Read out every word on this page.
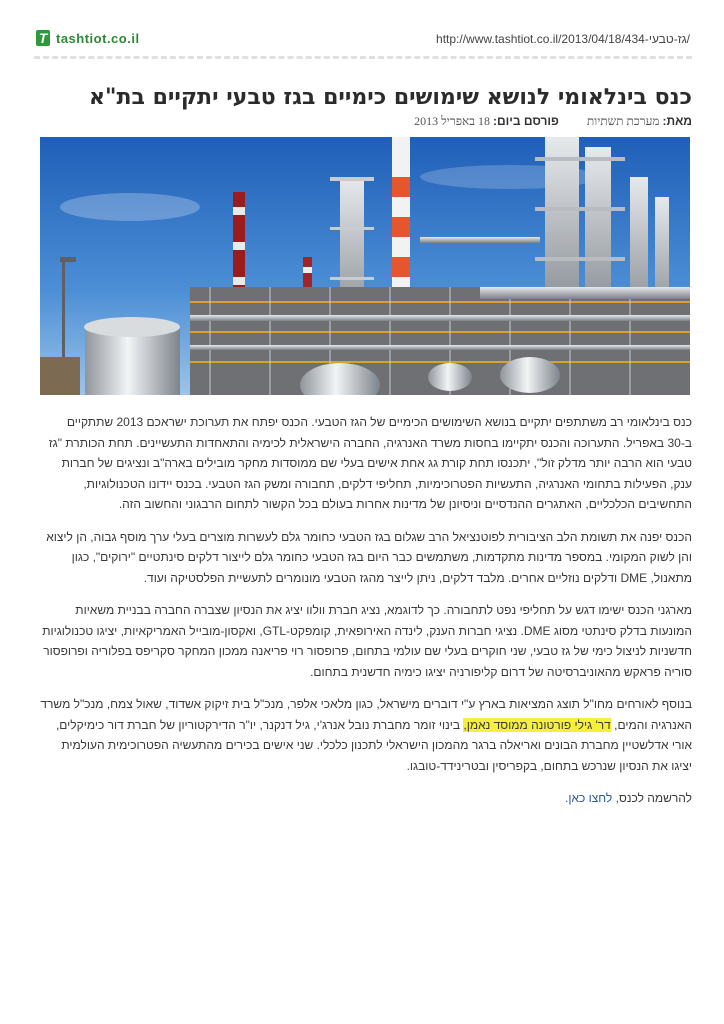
T tashtiot.co.il	http://www.tashtiot.co.il/2013/04/18/גז-טבעי-434/
כנס בינלאומי לנושא שימושים כימיים בגז טבעי יתקיים בת"א
מאת: מערכת תשתיות  פורסם ביום: 18 באפריל 2013

כנס בינלאומי רב משתתפים יתקיים בנושא השימושים הכימיים של הגז הטבעי. הכנס יפתח את תערוכת ישראכם 2013 שתתקיים ב-30 באפריל. התערוכה והכנס יתקיימו בחסות משרד האנרגיה, החברה הישראלית לכימיה והתאחדות התעשיינים. תחת הכותרת "גז טבעי הוא הרבה יותר מדלק זול", יתכנסו תחת קורת גג אחת אישים בעלי שם ממוסדות מחקר מובילים בארה"ב ונציגים של חברות ענק, הפעילות בתחומי האנרגיה, התעשיות הפטרוכימיות, תחליפי דלקים, תחבורה ומשק הגז הטבעי. בכנס יידונו הטכנולוגיות, התחשיבים הכלכליים, האתגרים ההנדסיים וניסיונן של מדינות אחרות בעולם בכל הקשור לתחום הרבגוני והחשוב הזה.

הכנס יפנה את תשומת הלב הציבורית לפוטנציאל הרב שגלום בגז הטבעי כחומר גלם לעשרות מוצרים בעלי ערך מוסף גבוה, הן ליצוא והן לשוק המקומי. במספר מדינות מתקדמות, משתמשים כבר היום בגז הטבעי כחומר גלם לייצור דלקים סינתטיים "ירוקים", כגון מתאנול, DME ודלקים נוזליים אחרים. מלבד דלקים, ניתן לייצר מהגז הטבעי מונומרים לתעשיית הפלסטיקה ועוד.

מארגני הכנס ישימו דגש על תחליפי נפט לתחבורה. כך לדוגמא, נציג חברת וולוו יציג את הנסיון שצברה החברה בבניית משאיות המונעות בדלק סינתטי מסוג DME. נציגי חברות הענק, לינדה האירופאית, קומפקט-GTL, ואקסון-מובייל האמריקאיות, יציגו טכנולוגיות חדשניות לניצול כימי של גז טבעי, שני חוקרים בעלי שם עולמי בתחום, פרופסור רוי פריאנה ממכון המחקר סקריפס בפלוריה ופרופסור סוריה פראקש מהאוניברסיטה של דרום קליפורניה יציגו כימיה חדשנית בתחום.

בנוסף לאורחים מחו"ל תוצג המציאות בארץ ע"י דוברים מישראל, כגון מלאכי אלפר, מנכ"ל בית זיקוק אשדוד, שאול צמח, מנכ"ל משרד האנרגיה והמים, דר' גילי פורטונה ממוסד נאמן, בינוי זומר מחברת נובל אנרג'י, גיל דנקנר, יו"ר הדירקטוריון של חברת דור כימיקלים, אורי אדלשטיין מחברת הבונים ואריאלה ברגר מהמכון הישראלי לתכנון כלכלי. שני אישים בכירים מהתעשיה הפטרוכימית העולמית יציגו את הנסיון שנרכש בתחום, בקפריסין ובטרינידד-טובגו.

להרשמה לכנס, לחצו כאן.
